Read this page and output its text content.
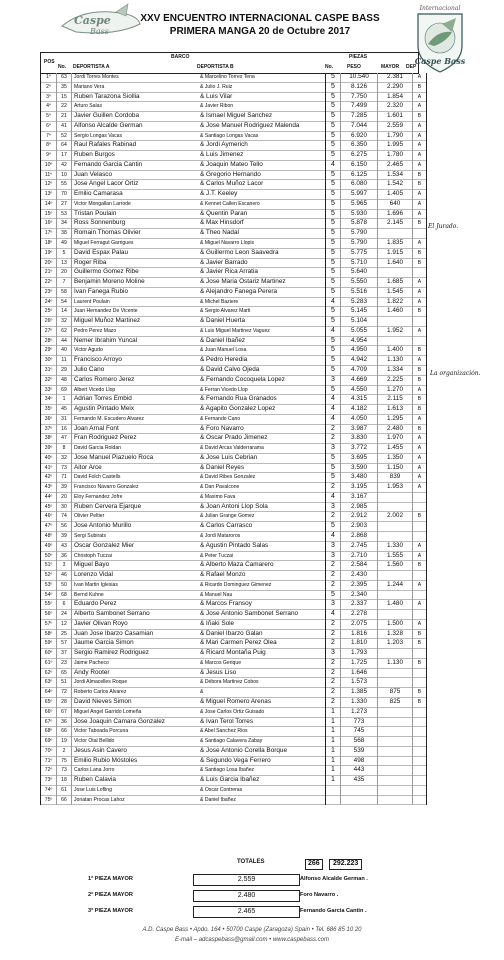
Caspe
Bass
Internacional
Caspe Bass
XXV ENCUENTRO INTERNACIONAL CASPE BASS
PRIMERA MANGA 20 de Octubre 2017
POS
BARCO	PIEZAS
No. DEPORTISTA A	DEPORTISTA B	No.	PESO	MAYOR DEP
1º	63	Jordi Torres Montes	& Marcelino Torres Tena	5	10.540	2.381	A
2º	35	Mariano Vera	& Julio J. Ruiz	5	8.126	2.290	B
3º	15	Ruben Tarazona Siollia	& Luis Vilar	5	7.750	1.854	A
4º	22	Arturo Salas	& Javier Ribon	5	7.499	2.320	A
5º	21	Javier Guillen Cordoba	& Ismael Miguel Sanchez	5	7.285	1.601	B
6º	41	Alfonso Alcalde German	& Jose Manuel Rodriguez Malenda	5	7.044	2.559	A
7º	52	Sergio Longas Vacas	& Santiago Longas Vacas	5	6.920	1.790	A
8º	64	Raul Rafales Rabinad	& Jordi Aymerich	5	6.350	1.995	A
9º	17	Ruben Burgos	& Luis Jimenez	5	6.275	1.780	A
10º	42	Fernando Garcia Cantin	& Joaquin Mateo Tello	4	6.150	2.465	A
11º	10	Juan Velasco	& Gregorio Hernando	5	6.125	1.534	B
12º	55	Jose Angel Lacor Ortiz	& Carlos Muñoz Lacor	5	6.080	1.542	B
13º	70	Emilio Camarasa	& J.T. Keeley	5	5.997	1.405	A
14º	27	Victor Mongallan Larrode	& Kennet Callen Escanero	5	5.965	640	A
15º	53	Tristan Poulain	& Quentin Paran	5	5.930	1.696	A
16º	34	Ross Sonnenburg	& Max Hinsdorf	5	5.878	2.145	B
17º	38	Romain Thomas Olivier	& Theo Nadal	5	5.790		
18º	49	Miguel Ferragut Garrigues	& Miguel Navarro Llopis	5	5.790	1.835	A
19º	5	David Espax Palau	& Guillermo Leon Saavedra	5	5.775	1.915	B
20º	13	Roger Riba	& Javier Barrado	5	5.710	1.640	B
21º	20	Guillermo Gomez Ribe	& Javier Rica Arratia	5	5.640		
22º	7	Benjamin Moreno Moline	& Jose Maria Ostariz Martinez	5	5.550	1.685	A
23º	58	Ivan Fanega Rubio	& Alejandro Fanega Perera	5	5.516	1.545	A
24º	54	Laurent Poulain	& Michel Baziere	4	5.283	1.822	A
25º	14	Juan Hernandez De Vicente	& Sergio Alvarez Marti	5	5.145	1.460	B
26º	32	Miguel Muñoz Martinez	& Daniel Huerta	5	5.104		
27º	62	Pedro Perez Mazo	& Luis Miguel Martinez Vaguez	4	5.055	1.952	A
28º	44	Nemer Ibrahim Yuncal	& Daniel Ibañez	5	4.954		
29º	40	Victor Agudo	& Juan Manuel Losa	5	4.950	1.400	B
30º	11	Francisco Arroyo	& Pedro Heredia	5	4.942	1.130	A
31º	29	Julio Cano	& David Calvo Ojeda	5	4.709	1.334	B
32º	48	Carlos Romero Jerez	& Fernando Cocoquela Lopez	3	4.669	2.225	B
33º	69	Albert Vicedo Llop	& Ferran Vicedo Llop	5	4.550	1.270	A
34º	1	Adrian Torres Embid	& Fernando Rua Granados	4	4.315	2.115	B
35º	45	Agustin Pintado Meix	& Agapito Gonzalez Lopez	4	4.182	1.613	B
36º	31	Fernando M. Escudero Alvarez	& Fernando Cano	4	4.050	1.295	A
37º	16	Joan Arnal Font	& Foro Navarro	2	3.987	2.480	B
38º	47	Fran Rodriguez Perez	& Oscar Prado Jimenez	2	3.830	1.970	A
39º	8	David Garcia Roldan	& David Arcas Valderrarama	3	3.772	1.455	A
40º	32	Jose Manuel Piazuelo Roca	& Jose Luis Cebrian	5	3.695	1.350	A
41º	73	Aitor Arce	& Daniel Reyes	5	3.590	1.150	A
42º	71	David Folch Castells	& David Ribes Gonzalez	5	3.480	839	A
43º	39	Francisco Navarro Gonzalez	& Dan Pavalcone	2	3.195	1.953	A
44º	20	Eloy Fernandez Jofre	& Maximo Fava	4	3.167		
45º	30	Ruben Cervera Ejarque	& Joan Antoni Llop Sola	3	2.985		
46º	74	Olivier Peltier	& Julian Grange Gomez	2	2.912	2.002	B
47º	56	Jose Antonio Murillo	& Carlos Carrasco	5	2.903		
48º	39	Sergi Subirats	& Jordi Mataroros	4	2.868		
49º	43	Oscar Gonzalez Mier	& Agustin Pintado Salas	3	2.745	1.330	A
50º	36	Christoph Tuczai	& Peter Tuczai	3	2.710	1.555	A
51º	3	Miguel Bayo	& Alberto Maza Camarero	2	2.584	1.560	B
52º	46	Lorenzo Vidal	& Rafael Monzo	2	2.430		
53º	50	Ivan Martin Iglesias	& Ricardo Dominguez Gimenez	2	2.395	1.244	A
54º	68	Bernd Kuhne	& Manuel Nau	5	2.340		
55º	6	Eduardo Perez	& Marcos Fransoy	3	2.337	1.480	A
56º	24	Alberto Sambonet Serrano	& Jose Antonio Sambonet Serrano	4	2.278		
57º	12	Javier Olivan Royo	& Iñaki Sole	2	2.075	1.500	A
58º	25	Juan Jose Ibarzo Casamian	& Daniel Ibarzo Galan	2	1.816	1.328	B
59º	57	Jaume Garcia Simon	& Mari Carmen Perez Olea	2	1.810	1.203	B
60º	37	Sergio Ramirez Rodriguez	& Ricard Montaña Puig	3	1.793		
61º	23	Jaime Pacheco	& Marcos Gerique	2	1.725	1.130	B
62º	65	Andy Rooter	& Jesus Liso	2	1.646		
63º	51	Jordi Almacelles Roque	& Débora Martinez Cobos	2	1.573		
64º	72	Roberto Carlos Alvarez	&	2	1.385	875	B
65º	28	David Nieves Simon	& Miguel Romero Arenas	2	1.330	825	B
66º	67	Miguel Angel Garrido Lomeña	& Jose Carlos Ortiz Guisado	1	1.273		
67º	36	Jose Joaquin Camara Gonzalez	& Ivan Terol Torres	1	773		
68º	66	Victor Taboada Porcuna	& Abel Sanchez Rios	1	745		
69º	19	Victor Otal Bellido	& Santiago Calavera Zabay	1	568		
70º	2	Jesus Asin Cavero	& Jose Antonio Corella Borque	1	539		
71º	75	Emilio Rubio Móstoles	& Segundo Vega Ferrero	1	498		
72º	73	Carlos Lana Jorro	& Santiago Losa Ibañez	1	443		
73º	18	Ruben Calavia	& Luis Garcia Ibañez	1	435		
74º	61	Jose Luis Lofling	& Oscar Contreras				
75º	66	Jonatan Procas Lahoz	& Daniel Ibañez				
TOTALES	266	292.223
El Jurado.
La organización.
1ª PIEZA MAYOR	2.559	Alfonso Alcalde German .
2ª PIEZA MAYOR	2.480	Foro Navarro .
3ª PIEZA MAYOR	2.465	Fernando Garcia Cantin .
A.D. Caspe Bass • Apdo. 164 • 50700 Caspe (Zaragoza) Spain • Tel. 686 85 10 20
E-mail – adcaspebass@gmail.com • www.caspebass.com
